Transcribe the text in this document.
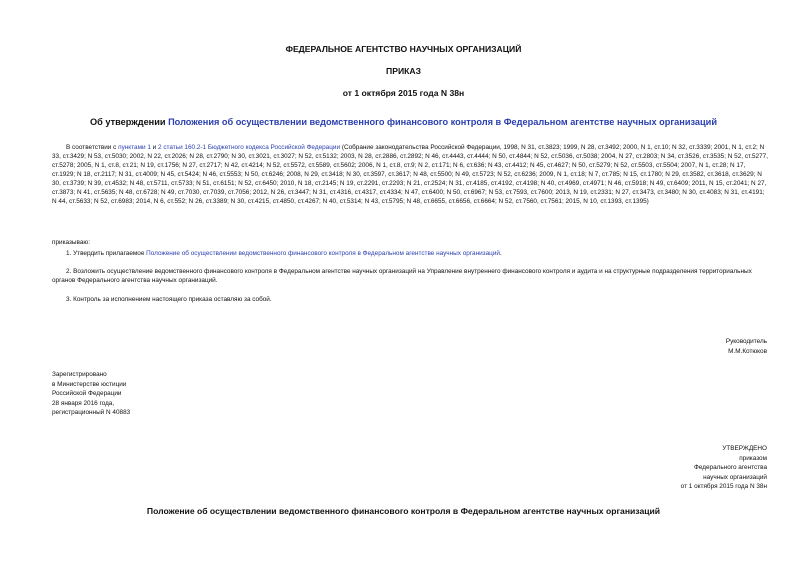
ФЕДЕРАЛЬНОЕ АГЕНТСТВО НАУЧНЫХ ОРГАНИЗАЦИЙ
ПРИКАЗ
от 1 октября 2015 года N 38н
Об утверждении Положения об осуществлении ведомственного финансового контроля в Федеральном агентстве научных организаций
В соответствии с пунктами 1 и 2 статьи 160.2-1 Бюджетного кодекса Российской Федерации (Собрание законодательства Российской Федерации, 1998, N 31, ст.3823; 1999, N 28, ст.3492; 2000, N 1, ст.10; N 32, ст.3339; 2001, N 1, ст.2; N 33, ст.3429; N 53, ст.5030; 2002, N 22, ст.2026; N 28, ст.2790; N 30, ст.3021, ст.3027; N 52, ст.5132; 2003, N 28, ст.2886, ст.2892; N 46, ст.4443, ст.4444; N 50, ст.4844; N 52, ст.5036, ст.5038; 2004, N 27, ст.2803; N 34, ст.3526, ст.3535; N 52, ст.5277, ст.5278; 2005, N 1, ст.8, ст.21; N 19, ст.1756; N 27, ст.2717; N 42, ст.4214; N 52, ст.5572, ст.5589, ст.5602; 2006, N 1, ст.8, ст.9; N 2, ст.171; N 6, ст.636; N 43, ст.4412; N 45, ст.4627; N 50, ст.5279; N 52, ст.5503, ст.5504; 2007, N 1, ст.28; N 17, ст.1929; N 18, ст.2117; N 31, ст.4009; N 45, ст.5424; N 46, ст.5553; N 50, ст.6246; 2008, N 29, ст.3418; N 30, ст.3597, ст.3617; N 48, ст.5500; N 49, ст.5723; N 52, ст.6236; 2009, N 1, ст.18; N 7, ст.785; N 15, ст.1780; N 29, ст.3582, ст.3618, ст.3629; N 30, ст.3739; N 39, ст.4532; N 48, ст.5711, ст.5733; N 51, ст.6151; N 52, ст.6450; 2010, N 18, ст.2145; N 19, ст.2291, ст.2293; N 21, ст.2524; N 31, ст.4185, ст.4192, ст.4198; N 40, ст.4969, ст.4971; N 46, ст.5918; N 49, ст.6409; 2011, N 15, ст.2041; N 27, ст.3873; N 41, ст.5635; N 48, ст.6728; N 49, ст.7030, ст.7039, ст.7056; 2012, N 26, ст.3447; N 31, ст.4316, ст.4317, ст.4334; N 47, ст.6400; N 50, ст.6967; N 53, ст.7593, ст.7600; 2013, N 19, ст.2331; N 27, ст.3473, ст.3480; N 30, ст.4083; N 31, ст.4191; N 44, ст.5633; N 52, ст.6983; 2014, N 6, ст.552; N 26, ст.3389; N 30, ст.4215, ст.4850, ст.4267; N 40, ст.5314; N 43, ст.5795; N 48, ст.6655, ст.6656, ст.6664; N 52, ст.7560, ст.7561; 2015, N 10, ст.1393, ст.1395)
приказываю:
1. Утвердить прилагаемое Положение об осуществлении ведомственного финансового контроля в Федеральном агентстве научных организаций.
2. Возложить осуществление ведомственного финансового контроля в Федеральном агентстве научных организаций на Управление внутреннего финансового контроля и аудита и на структурные подразделения территориальных органов Федерального агентства научных организаций.
3. Контроль за исполнением настоящего приказа оставляю за собой.
Руководитель
М.М.Котюков
Зарегистрировано
в Министерстве юстиции
Российской Федерации
28 января 2016 года,
регистрационный N 40883
УТВЕРЖДЕНО
приказом
Федерального агентства
научных организаций
от 1 октября 2015 года N 38н
Положение об осуществлении ведомственного финансового контроля в Федеральном агентстве научных организаций
